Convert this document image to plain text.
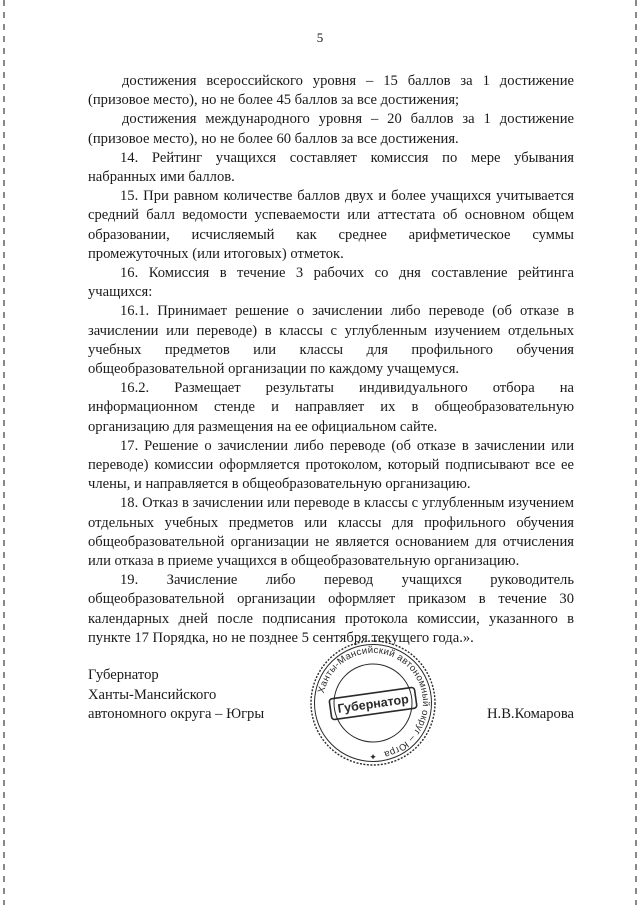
5

достижения всероссийского уровня – 15 баллов за 1 достижение (призовое место), но не более 45 баллов за все достижения;

достижения международного уровня – 20 баллов за 1 достижение (призовое место), но не более 60 баллов за все достижения.

14. Рейтинг учащихся составляет комиссия по мере убывания набранных ими баллов.

15. При равном количестве баллов двух и более учащихся учитывается средний балл ведомости успеваемости или аттестата об основном общем образовании, исчисляемый как среднее арифметическое суммы промежуточных (или итоговых) отметок.

16. Комиссия в течение 3 рабочих со дня составление рейтинга учащихся:

16.1. Принимает решение о зачислении либо переводе (об отказе в зачислении или переводе) в классы с углубленным изучением отдельных учебных предметов или классы для профильного обучения общеобразовательной организации по каждому учащемуся.

16.2. Размещает результаты индивидуального отбора на информационном стенде и направляет их в общеобразовательную организацию для размещения на ее официальном сайте.

17. Решение о зачислении либо переводе (об отказе в зачислении или переводе) комиссии оформляется протоколом, который подписывают все ее члены, и направляется в общеобразовательную организацию.

18. Отказ в зачислении или переводе в классы с углубленным изучением отдельных учебных предметов или классы для профильного обучения общеобразовательной организации не является основанием для отчисления или отказа в приеме учащихся в общеобразовательную организацию.

19. Зачисление либо перевод учащихся руководитель общеобразовательной организации оформляет приказом в течение 30 календарных дней после подписания протокола комиссии, указанного в пункте 17 Порядка, но не позднее 5 сентября текущего года.».

Губернатор
Ханты-Мансийского
автономного округа – Югры
Ханты-Мансийский автономный округ – Югра
Губернатор
✦
Н.В.Комарова
